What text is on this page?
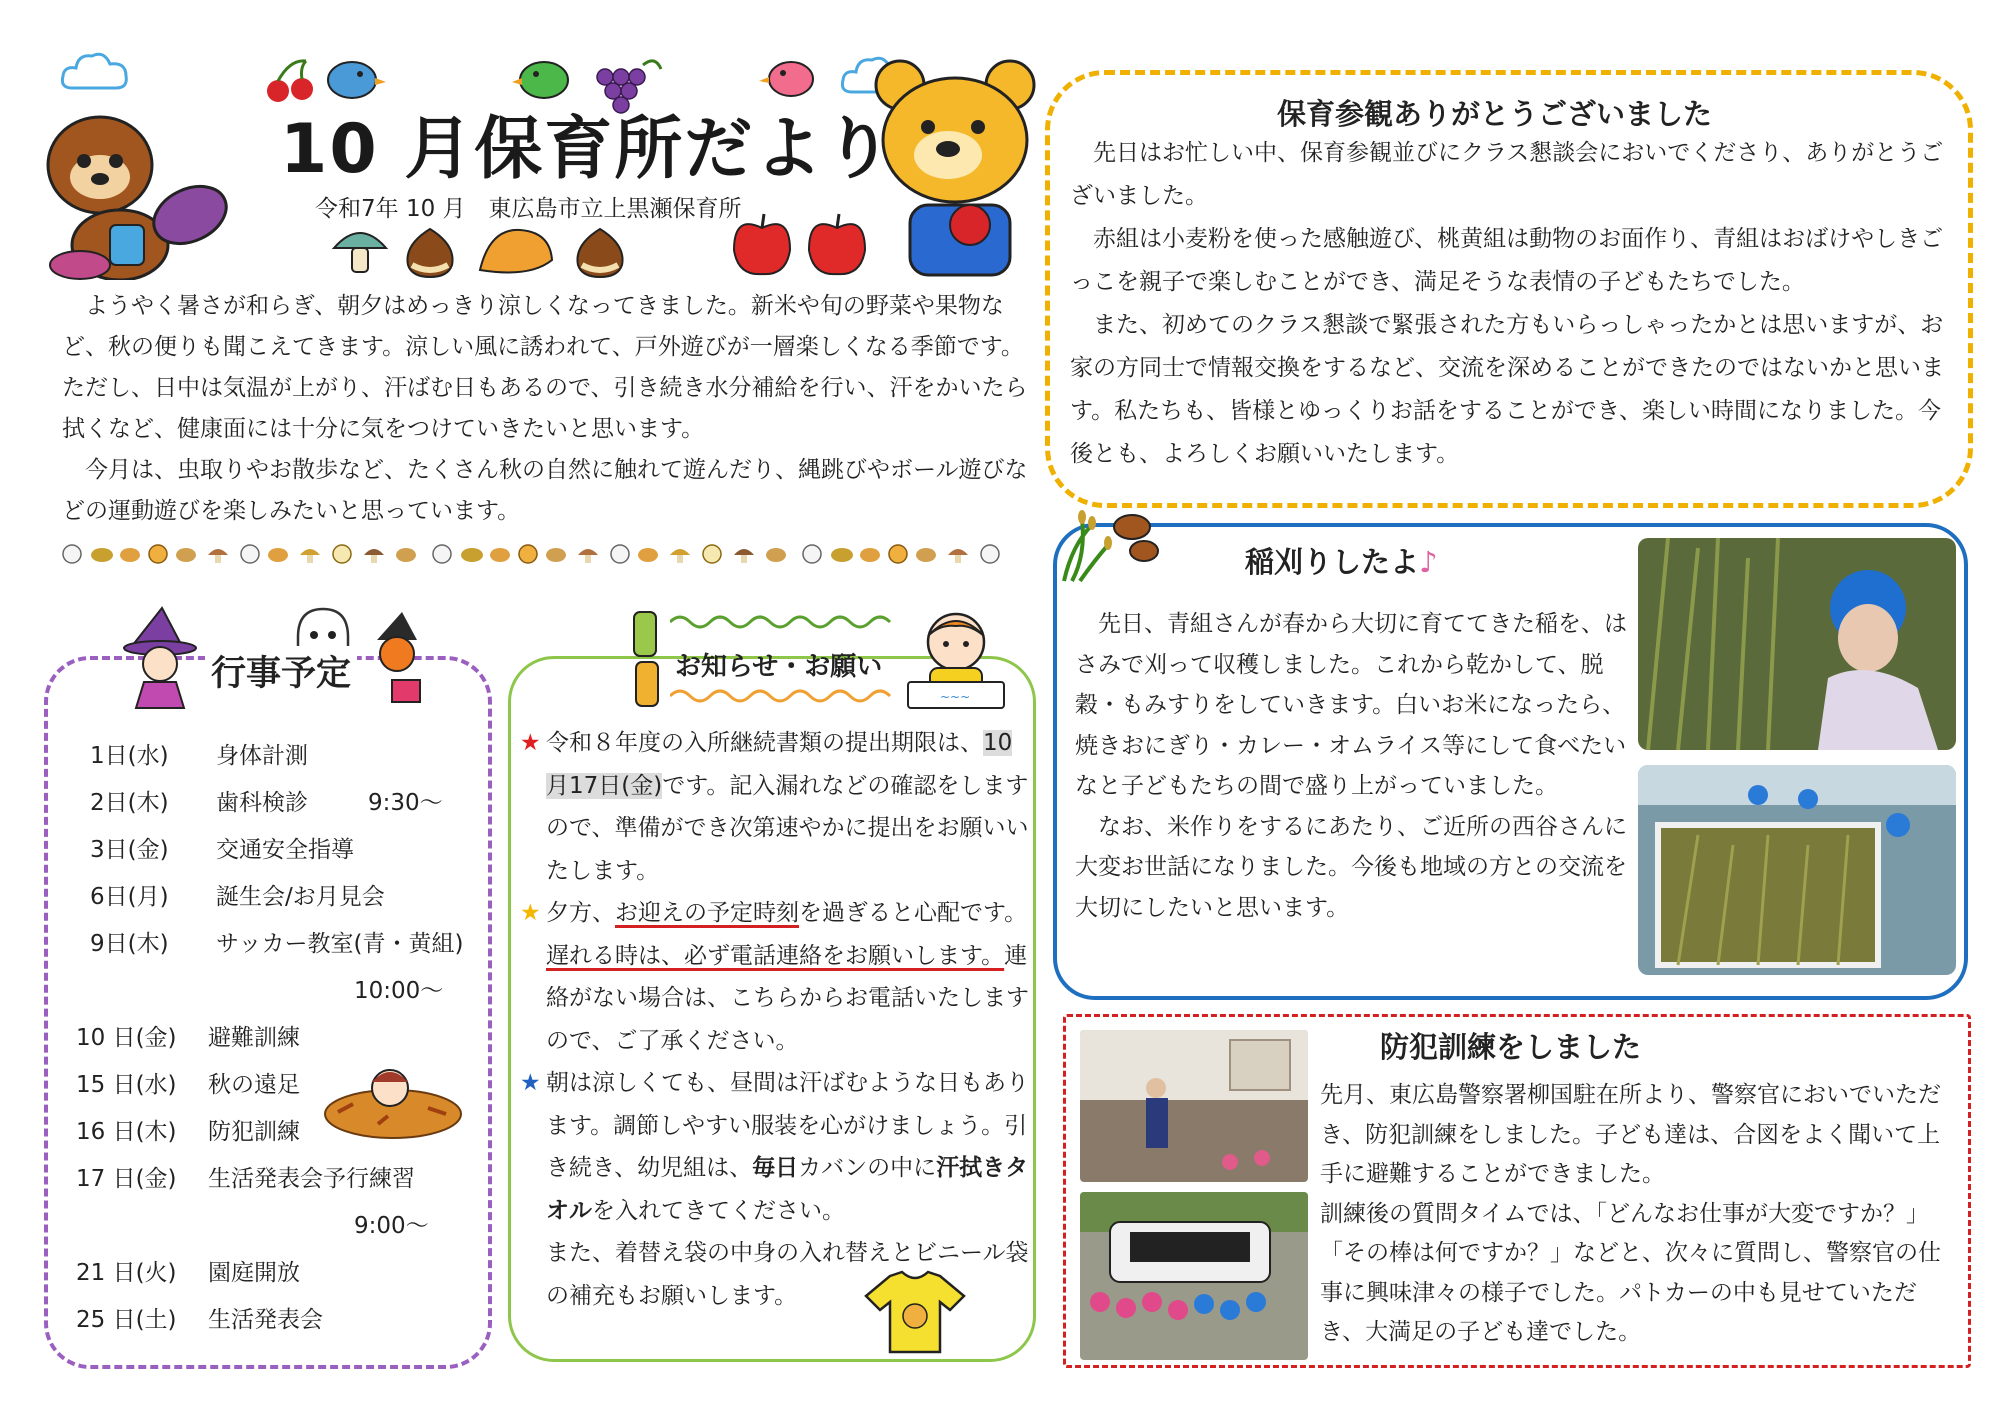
10 月保育所だより
令和7年 10 月　東広島市立上黒瀬保育所

ようやく暑さが和らぎ、朝夕はめっきり涼しくなってきました。新米や旬の野菜や果物など、秋の便りも聞こえてきます。涼しい風に誘われて、戸外遊びが一層楽しくなる季節です。ただし、日中は気温が上がり、汗ばむ日もあるので、引き続き水分補給を行い、汗をかいたら拭くなど、健康面には十分に気をつけていきたいと思います。

今月は、虫取りやお散歩など、たくさん秋の自然に触れて遊んだり、縄跳びやボール遊びなどの運動遊びを楽しみたいと思っています。

行事予定
1日(水) 身体計測
2日(木) 歯科検診	9:30～
3日(金) 交通安全指導
6日(月) 誕生会/お月見会
9日(木) サッカー教室(青・黄組)
10:00～
10 日(金) 避難訓練
15 日(水) 秋の遠足
16 日(木) 防犯訓練
17 日(金) 生活発表会予行練習
9:00～
21 日(火) 園庭開放
25 日(土) 生活発表会
~~~
お知らせ・お願い
★ 令和８年度の入所継続書類の提出期限は、10月17日(金)です。記入漏れなどの確認をしますので、準備ができ次第速やかに提出をお願いいたします。
★ 夕方、お迎えの予定時刻を過ぎると心配です。遅れる時は、必ず電話連絡をお願いします。連絡がない場合は、こちらからお電話いたしますので、ご了承ください。
★ 朝は涼しくても、昼間は汗ばむような日もあります。調節しやすい服装を心がけましょう。引き続き、幼児組は、毎日カバンの中に汗拭きタオルを入れてきてください。
また、着替え袋の中身の入れ替えとビニール袋の補充もお願いします。
保育参観ありがとうございました

先日はお忙しい中、保育参観並びにクラス懇談会においでくださり、ありがとうございました。

赤組は小麦粉を使った感触遊び、桃黄組は動物のお面作り、青組はおばけやしきごっこを親子で楽しむことができ、満足そうな表情の子どもたちでした。

また、初めてのクラス懇談で緊張された方もいらっしゃったかとは思いますが、お家の方同士で情報交換をするなど、交流を深めることができたのではないかと思います。私たちも、皆様とゆっくりお話をすることができ、楽しい時間になりました。今後とも、よろしくお願いいたします。

稲刈りしたよ♪

先日、青組さんが春から大切に育ててきた稲を、はさみで刈って収穫しました。これから乾かして、脱穀・もみすりをしていきます。白いお米になったら、焼きおにぎり・カレー・オムライス等にして食べたいなと子どもたちの間で盛り上がっていました。

なお、米作りをするにあたり、ご近所の西谷さんに大変お世話になりました。今後も地域の方との交流を大切にしたいと思います。

防犯訓練をしました

先月、東広島警察署柳国駐在所より、警察官においでいただき、防犯訓練をしました。子ども達は、合図をよく聞いて上手に避難することができました。

訓練後の質問タイムでは、「どんなお仕事が大変ですか？」「その棒は何ですか？」などと、次々に質問し、警察官の仕事に興味津々の様子でした。パトカーの中も見せていただき、大満足の子ども達でした。
